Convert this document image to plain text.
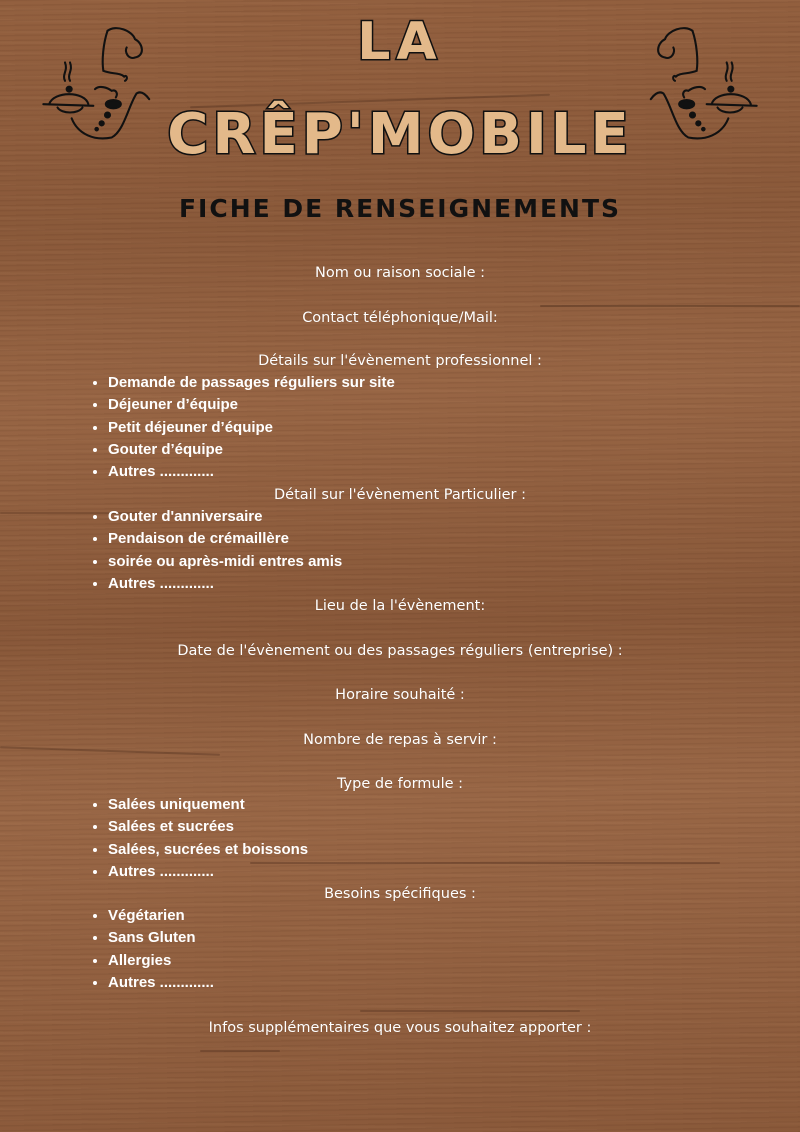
LA
CRÊP'MOBILE
FICHE DE RENSEIGNEMENTS
Nom ou raison sociale :
Contact téléphonique/Mail:
Détails sur l'évènement professionnel :
• Demande de passages réguliers sur site
• Déjeuner d’équipe
• Petit déjeuner d’équipe
• Gouter d’équipe
• Autres .............
Détail sur l'évènement Particulier :
• Gouter d'anniversaire
• Pendaison de crémaillère
• soirée ou après-midi entres amis
• Autres .............
Lieu de la l'évènement:
Date de l'évènement ou des passages réguliers (entreprise) :
Horaire souhaité :
Nombre de repas à servir :
Type de formule :
• Salées uniquement
• Salées et sucrées
• Salées, sucrées et boissons
• Autres .............
Besoins spécifiques :
• Végétarien
• Sans Gluten
• Allergies
• Autres .............
Infos supplémentaires que vous souhaitez apporter :
